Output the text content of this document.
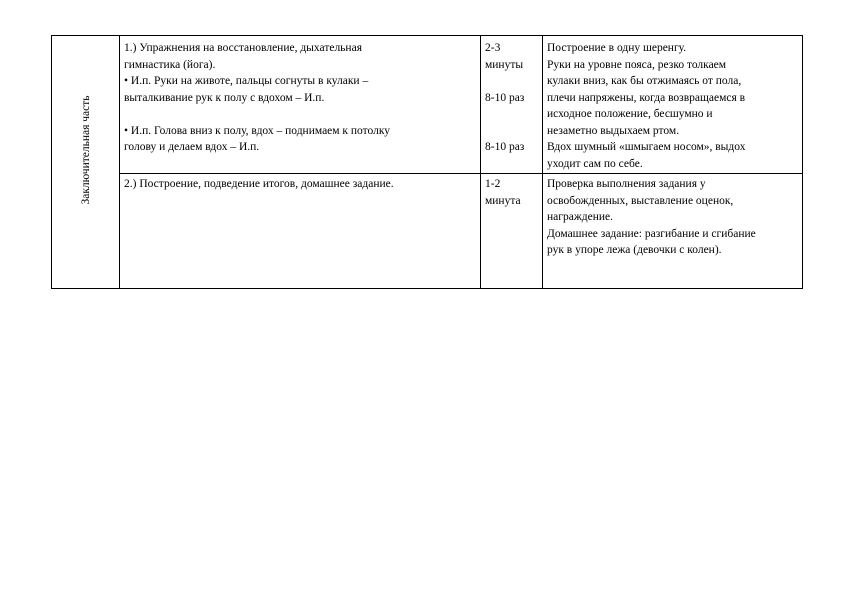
Заключительная часть

1.) Упражнения на восстановление, дыхательная

гимнастика (йога).

• И.п. Руки на животе, пальцы согнуты в кулаки –

выталкивание рук к полу с вдохом – И.п.

• И.п. Голова вниз к полу, вдох – поднимаем к потолку

голову и делаем вдох – И.п.

2-3

минуты

8-10 раз

8-10 раз

Построение в одну шеренгу.

Руки на уровне пояса, резко толкаем

кулаки вниз, как бы отжимаясь от пола,

плечи напряжены, когда возвращаемся в

исходное положение, бесшумно и

незаметно выдыхаем ртом.

Вдох шумный «шмыгаем носом», выдох

уходит сам по себе.

2.) Построение, подведение итогов, домашнее задание.	1-2

минута

Проверка выполнения задания у

освобожденных, выставление оценок,

награждение.

Домашнее задание: разгибание и сгибание

рук в упоре лежа (девочки с колен).
